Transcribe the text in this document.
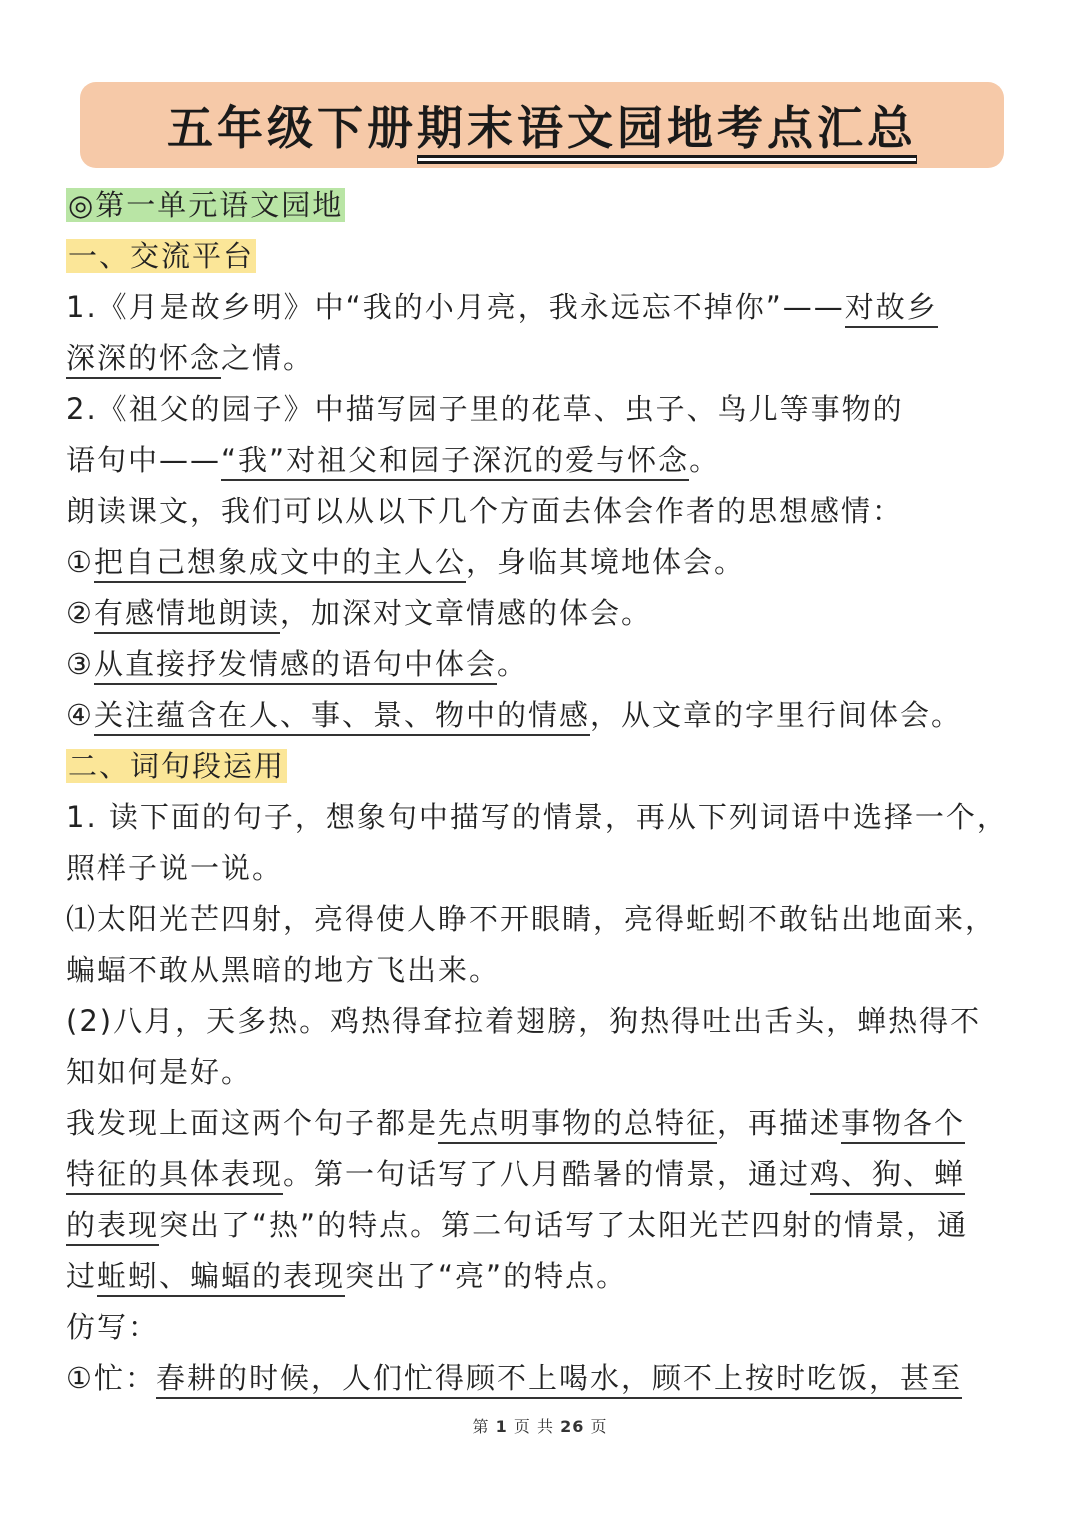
五年级下册期末语文园地考点汇总
◎第一单元语文园地
一、交流平台
1.《月是故乡明》中“我的小月亮，我永远忘不掉你”——对故乡
深深的怀念之情。
2.《祖父的园子》中描写园子里的花草、虫子、鸟儿等事物的
语句中——“我”对祖父和园子深沉的爱与怀念。
朗读课文，我们可以从以下几个方面去体会作者的思想感情：
①把自己想象成文中的主人公，身临其境地体会。
②有感情地朗读，加深对文章情感的体会。
③从直接抒发情感的语句中体会。
④关注蕴含在人、事、景、物中的情感，从文章的字里行间体会。
二、词句段运用
1. 读下面的句子，想象句中描写的情景，再从下列词语中选择一个，
照样子说一说。
⑴太阳光芒四射，亮得使人睁不开眼睛，亮得蚯蚓不敢钻出地面来，
蝙蝠不敢从黑暗的地方飞出来。
(2)八月，天多热。鸡热得耷拉着翅膀，狗热得吐出舌头，蝉热得不
知如何是好。
我发现上面这两个句子都是先点明事物的总特征，再描述事物各个
特征的具体表现。第一句话写了八月酷暑的情景，通过鸡、狗、蝉
的表现突出了“热”的特点。第二句话写了太阳光芒四射的情景，通
过蚯蚓、蝙蝠的表现突出了“亮”的特点。
仿写：
①忙：春耕的时候，人们忙得顾不上喝水，顾不上按时吃饭，甚至
第 1 页 共 26 页
